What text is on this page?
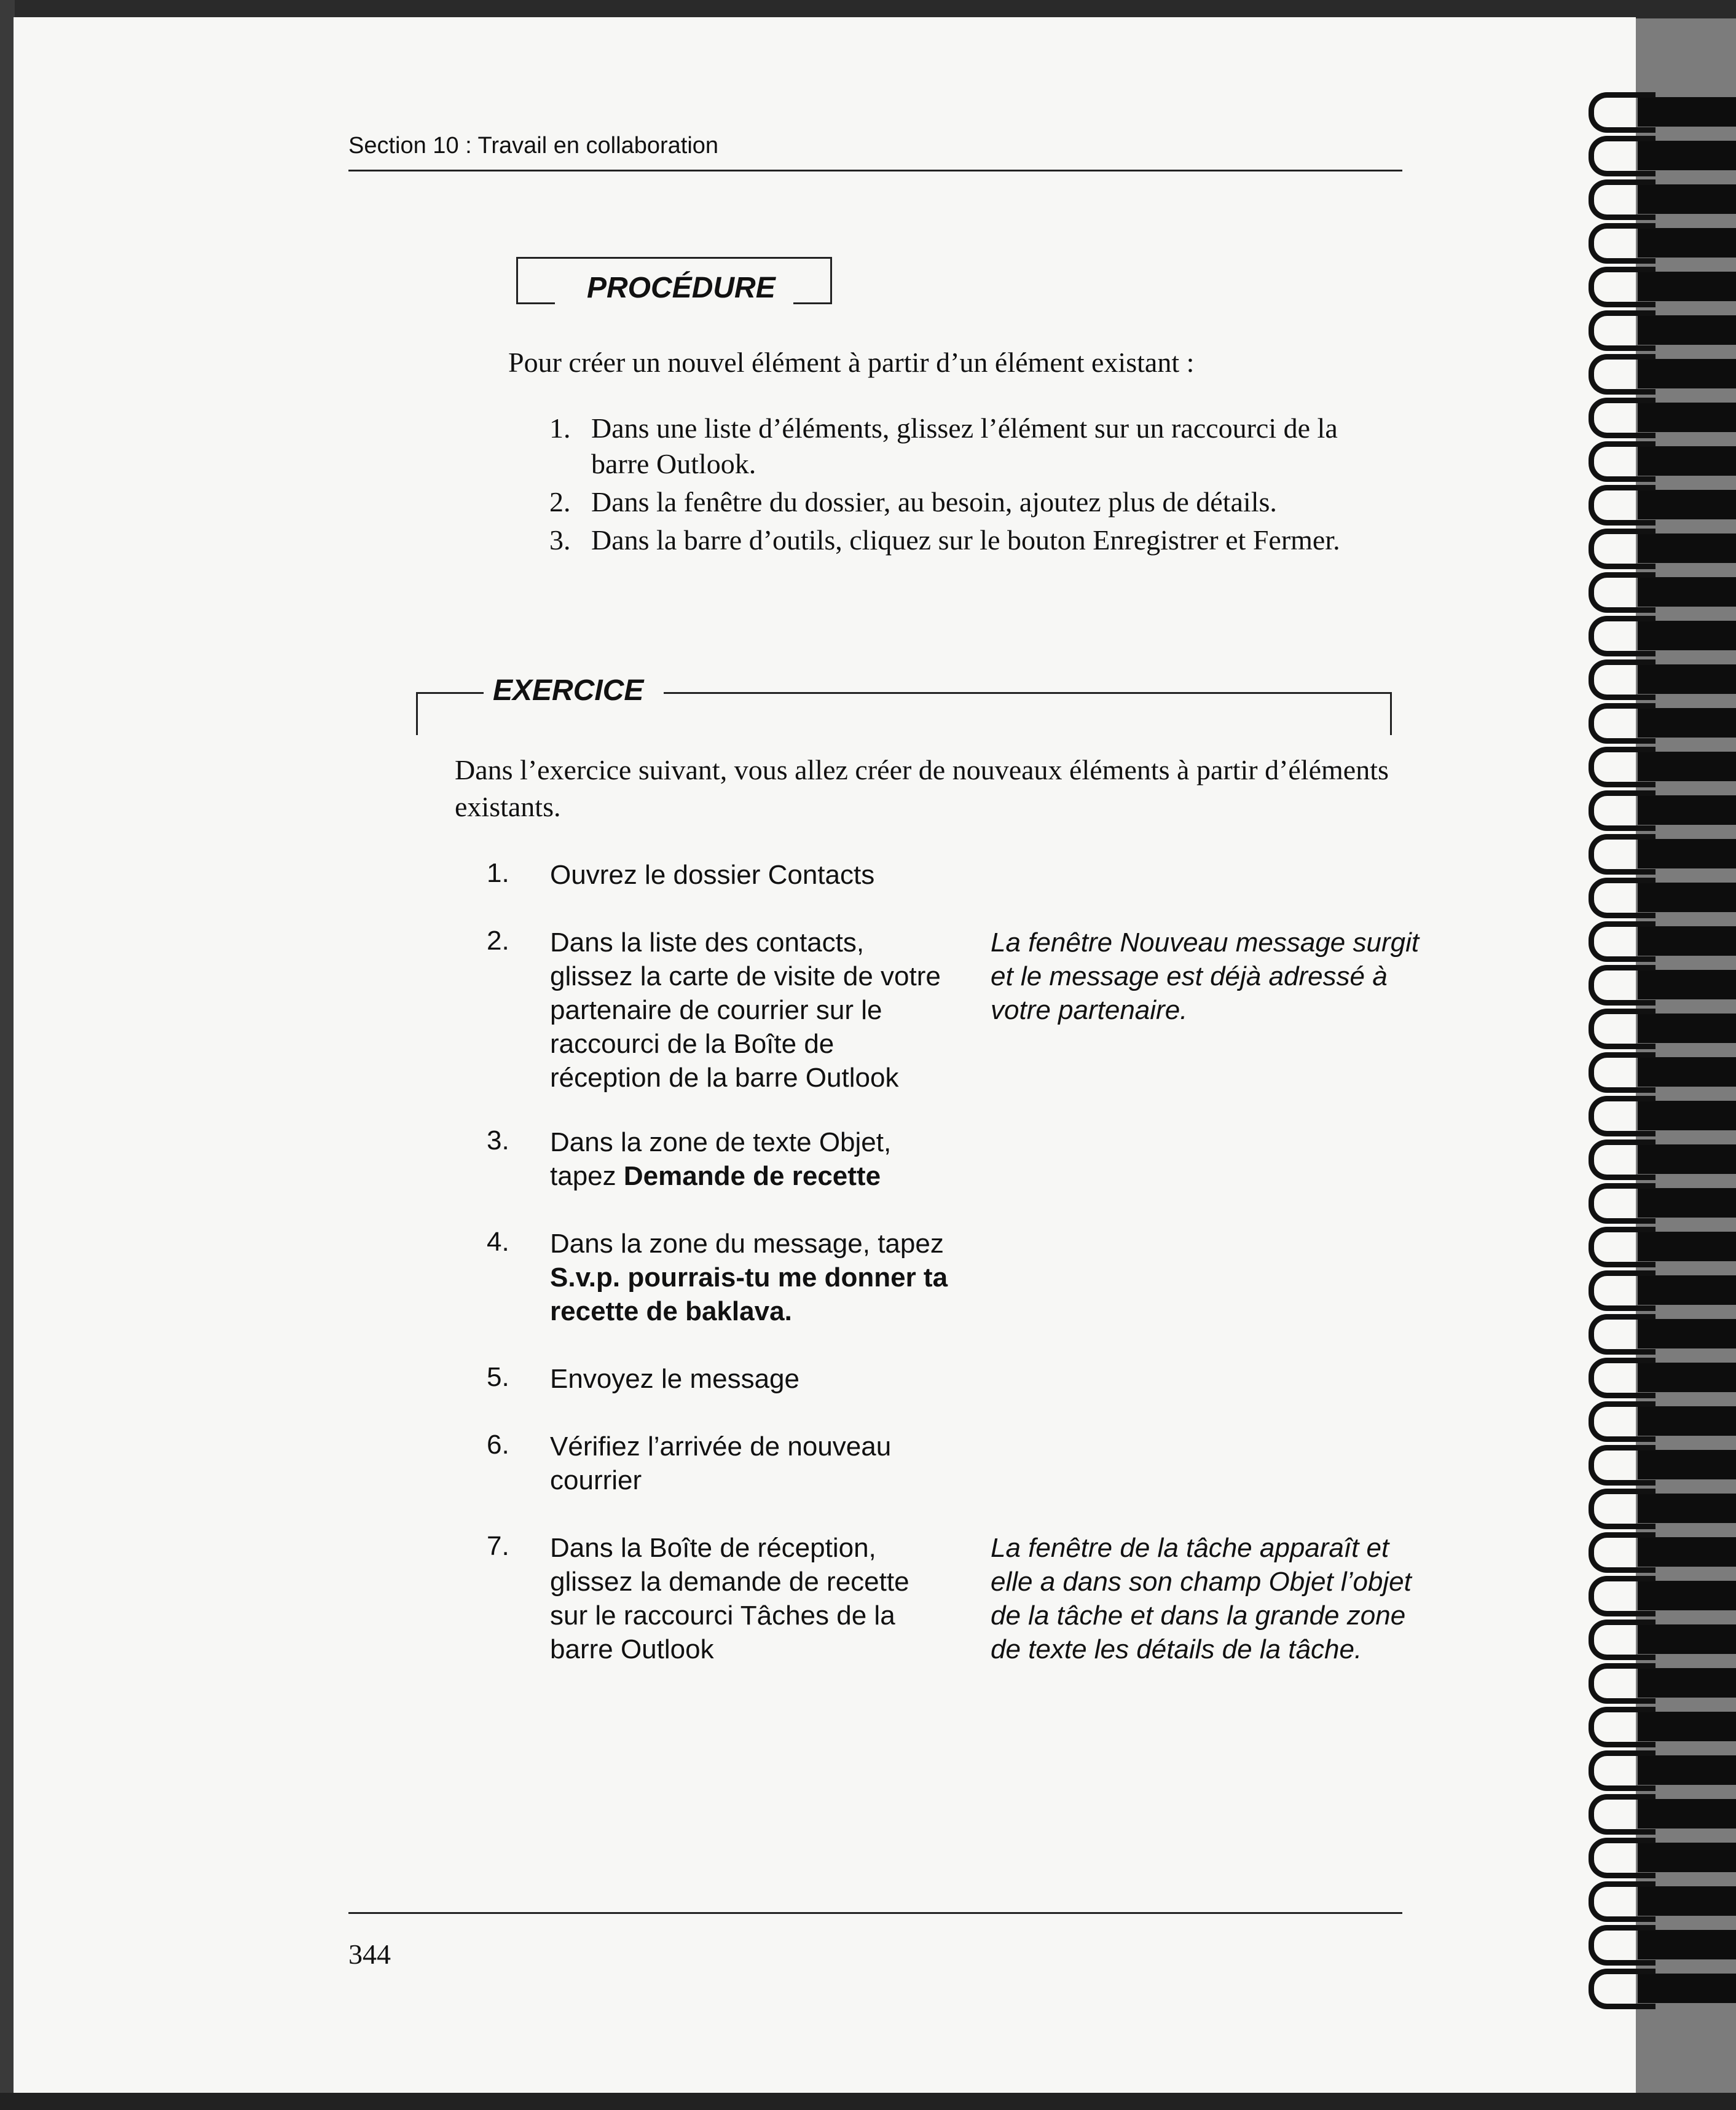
Section 10 : Travail en collaboration
PROCÉDURE
Pour créer un nouvel élément à partir d’un élément existant :
1. Dans une liste d’éléments, glissez l’élément sur un raccourci de la barre Outlook.
2. Dans la fenêtre du dossier, au besoin, ajoutez plus de détails.
3. Dans la barre d’outils, cliquez sur le bouton Enregistrer et Fermer.
EXERCICE
Dans l’exercice suivant, vous allez créer de nouveaux éléments à partir d’éléments existants.
1. Ouvrez le dossier Contacts
2. Dans la liste des contacts, glissez la carte de visite de votre partenaire de courrier sur le raccourci de la Boîte de réception de la barre Outlook
La fenêtre Nouveau message surgit et le message est déjà adressé à votre partenaire.
3. Dans la zone de texte Objet, tapez Demande de recette
4. Dans la zone du message, tapez S.v.p. pourrais-tu me donner ta recette de baklava.
5. Envoyez le message
6. Vérifiez l’arrivée de nouveau courrier
7. Dans la Boîte de réception, glissez la demande de recette sur le raccourci Tâches de la barre Outlook
La fenêtre de la tâche apparaît et elle a dans son champ Objet l’objet de la tâche et dans la grande zone de texte les détails de la tâche.
344
